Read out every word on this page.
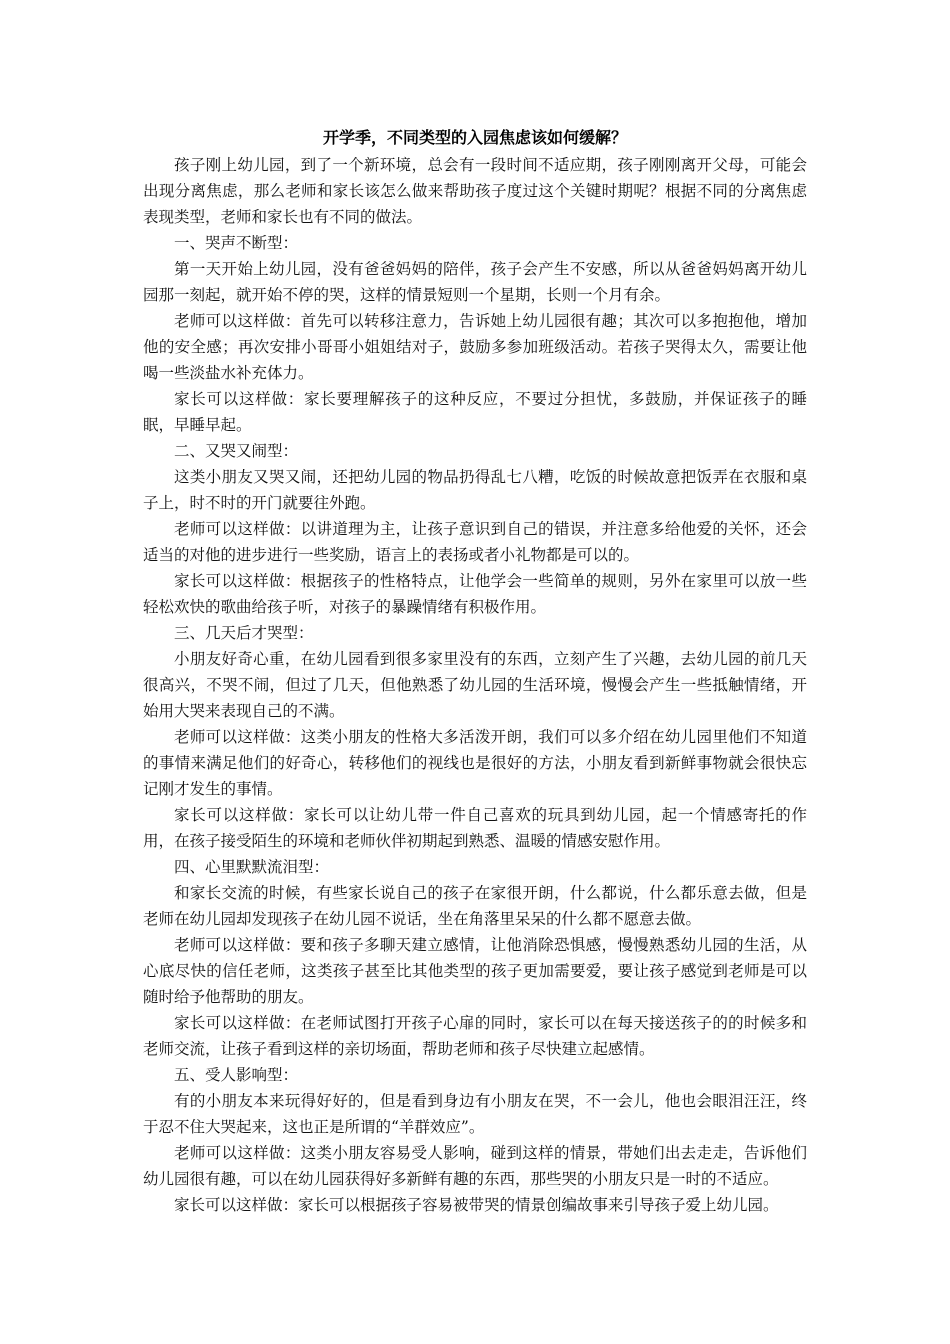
开学季，不同类型的入园焦虑该如何缓解？

孩子刚上幼儿园，到了一个新环境，总会有一段时间不适应期，孩子刚刚离开父母，可能会出现分离焦虑，那么老师和家长该怎么做来帮助孩子度过这个关键时期呢？根据不同的分离焦虑表现类型，老师和家长也有不同的做法。

一、哭声不断型：

第一天开始上幼儿园，没有爸爸妈妈的陪伴，孩子会产生不安感，所以从爸爸妈妈离开幼儿园那一刻起，就开始不停的哭，这样的情景短则一个星期，长则一个月有余。

老师可以这样做：首先可以转移注意力，告诉她上幼儿园很有趣；其次可以多抱抱他，增加他的安全感；再次安排小哥哥小姐姐结对子，鼓励多参加班级活动。若孩子哭得太久，需要让他喝一些淡盐水补充体力。

家长可以这样做：家长要理解孩子的这种反应，不要过分担忧，多鼓励，并保证孩子的睡眠，早睡早起。

二、又哭又闹型：

这类小朋友又哭又闹，还把幼儿园的物品扔得乱七八糟，吃饭的时候故意把饭弄在衣服和桌子上，时不时的开门就要往外跑。

老师可以这样做：以讲道理为主，让孩子意识到自己的错误，并注意多给他爱的关怀，还会适当的对他的进步进行一些奖励，语言上的表扬或者小礼物都是可以的。

家长可以这样做：根据孩子的性格特点，让他学会一些简单的规则，另外在家里可以放一些轻松欢快的歌曲给孩子听，对孩子的暴躁情绪有积极作用。

三、几天后才哭型：

小朋友好奇心重，在幼儿园看到很多家里没有的东西，立刻产生了兴趣，去幼儿园的前几天很高兴，不哭不闹，但过了几天，但他熟悉了幼儿园的生活环境，慢慢会产生一些抵触情绪，开始用大哭来表现自己的不满。

老师可以这样做：这类小朋友的性格大多活泼开朗，我们可以多介绍在幼儿园里他们不知道的事情来满足他们的好奇心，转移他们的视线也是很好的方法，小朋友看到新鲜事物就会很快忘记刚才发生的事情。

家长可以这样做：家长可以让幼儿带一件自己喜欢的玩具到幼儿园，起一个情感寄托的作用，在孩子接受陌生的环境和老师伙伴初期起到熟悉、温暖的情感安慰作用。

四、心里默默流泪型：

和家长交流的时候，有些家长说自己的孩子在家很开朗，什么都说，什么都乐意去做，但是老师在幼儿园却发现孩子在幼儿园不说话，坐在角落里呆呆的什么都不愿意去做。

老师可以这样做：要和孩子多聊天建立感情，让他消除恐惧感，慢慢熟悉幼儿园的生活，从心底尽快的信任老师，这类孩子甚至比其他类型的孩子更加需要爱，要让孩子感觉到老师是可以随时给予他帮助的朋友。

家长可以这样做：在老师试图打开孩子心扉的同时，家长可以在每天接送孩子的的时候多和老师交流，让孩子看到这样的亲切场面，帮助老师和孩子尽快建立起感情。

五、受人影响型：

有的小朋友本来玩得好好的，但是看到身边有小朋友在哭，不一会儿，他也会眼泪汪汪，终于忍不住大哭起来，这也正是所谓的“羊群效应”。

老师可以这样做：这类小朋友容易受人影响，碰到这样的情景，带她们出去走走，告诉他们幼儿园很有趣，可以在幼儿园获得好多新鲜有趣的东西，那些哭的小朋友只是一时的不适应。

家长可以这样做：家长可以根据孩子容易被带哭的情景创编故事来引导孩子爱上幼儿园。
